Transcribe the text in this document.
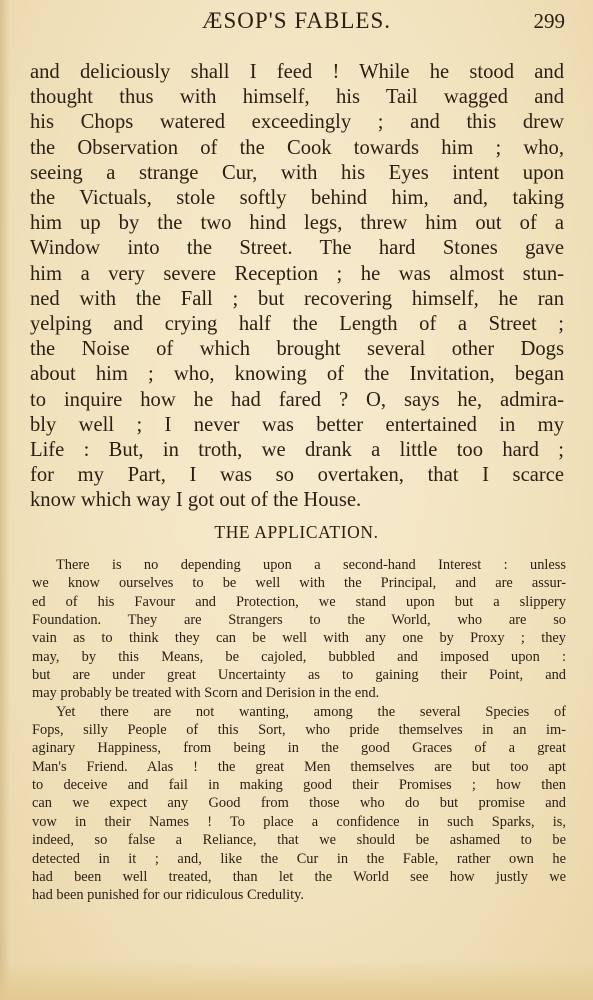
ÆSOP'S FABLES.	299
and deliciously shall I feed ! While he stood and
thought thus with himself, his Tail wagged and
his Chops watered exceedingly ; and this drew
the Observation of the Cook towards him ; who,
seeing a strange Cur, with his Eyes intent upon
the Victuals, stole softly behind him, and, taking
him up by the two hind legs, threw him out of a
Window into the Street. The hard Stones gave
him a very severe Reception ; he was almost stun-
ned with the Fall ; but recovering himself, he ran
yelping and crying half the Length of a Street ;
the Noise of which brought several other Dogs
about him ; who, knowing of the Invitation, began
to inquire how he had fared ? O, says he, admira-
bly well ; I never was better entertained in my
Life : But, in troth, we drank a little too hard ;
for my Part, I was so overtaken, that I scarce
know which way I got out of the House.
THE APPLICATION.
There is no depending upon a second-hand Interest : unless
we know ourselves to be well with the Principal, and are assur-
ed of his Favour and Protection, we stand upon but a slippery
Foundation. They are Strangers to the World, who are so
vain as to think they can be well with any one by Proxy ; they
may, by this Means, be cajoled, bubbled and imposed upon :
but are under great Uncertainty as to gaining their Point, and
may probably be treated with Scorn and Derision in the end.
Yet there are not wanting, among the several Species of
Fops, silly People of this Sort, who pride themselves in an im-
aginary Happiness, from being in the good Graces of a great
Man's Friend. Alas ! the great Men themselves are but too apt
to deceive and fail in making good their Promises ; how then
can we expect any Good from those who do but promise and
vow in their Names ! To place a confidence in such Sparks, is,
indeed, so false a Reliance, that we should be ashamed to be
detected in it ; and, like the Cur in the Fable, rather own he
had been well treated, than let the World see how justly we
had been punished for our ridiculous Credulity.
